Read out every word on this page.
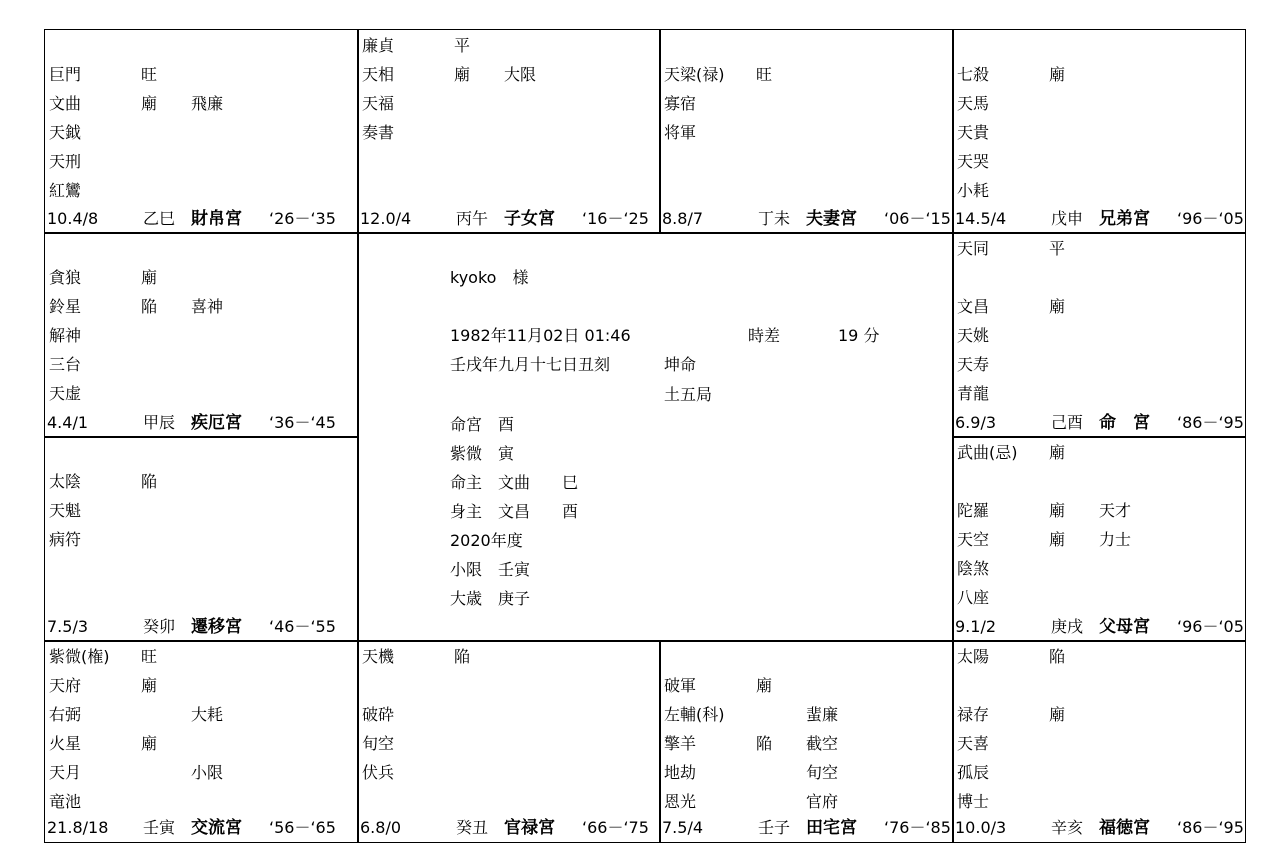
巨門	旺
文曲	廟 飛廉
天鉞
天刑
紅鸞
10.4/8	乙巳 財帛宮 ‘26－‘35
廉貞	平
天相	廟 大限
天福
奏書
12.0/4	丙午 子女宮 ‘16－‘25
天梁(禄) 旺
寡宿
将軍
8.8/7	丁未 夫妻宮 ‘06－‘15
七殺	廟
天馬
天貴
天哭
小耗
14.5/4	戊申 兄弟宮 ‘96－‘05
貪狼	廟
鈴星	陥 喜神
解神
三台
天虚
4.4/1	甲辰 疾厄宮 ‘36－‘45
天同	平
文昌	廟
天姚
天寿
青龍
6.9/3	己酉 命　宮 ‘86－‘95
太陰	陥
天魁
病符
7.5/3	癸卯 遷移宮 ‘46－‘55
武曲(忌) 廟
陀羅	廟 天才
天空	廟 力士
陰煞
八座
9.1/2	庚戌 父母宮 ‘96－‘05
紫微(権) 旺
天府	廟
右弼	大耗
火星	廟
天月	小限
竜池
21.8/18 壬寅 交流宮 ‘56－‘65
天機	陥
破砕
旬空
伏兵
6.8/0	癸丑 官禄宮 ‘66－‘75
破軍	廟
左輔(科)	蜚廉
擎羊	陥 截空
地劫	旬空
恩光	官府
7.5/4	壬子 田宅宮 ‘76－‘85
太陽	陥
禄存	廟
天喜
孤辰
博士
10.0/3	辛亥 福徳宮 ‘86－‘95
kyoko　様
1982年11月02日 01:46	時差	19 分
壬戌年九月十七日丑刻	坤命
土五局
命宮　酉
紫微　寅
命主　文曲　　巳
身主　文昌　　酉
2020年度
小限　壬寅
大歳　庚子
